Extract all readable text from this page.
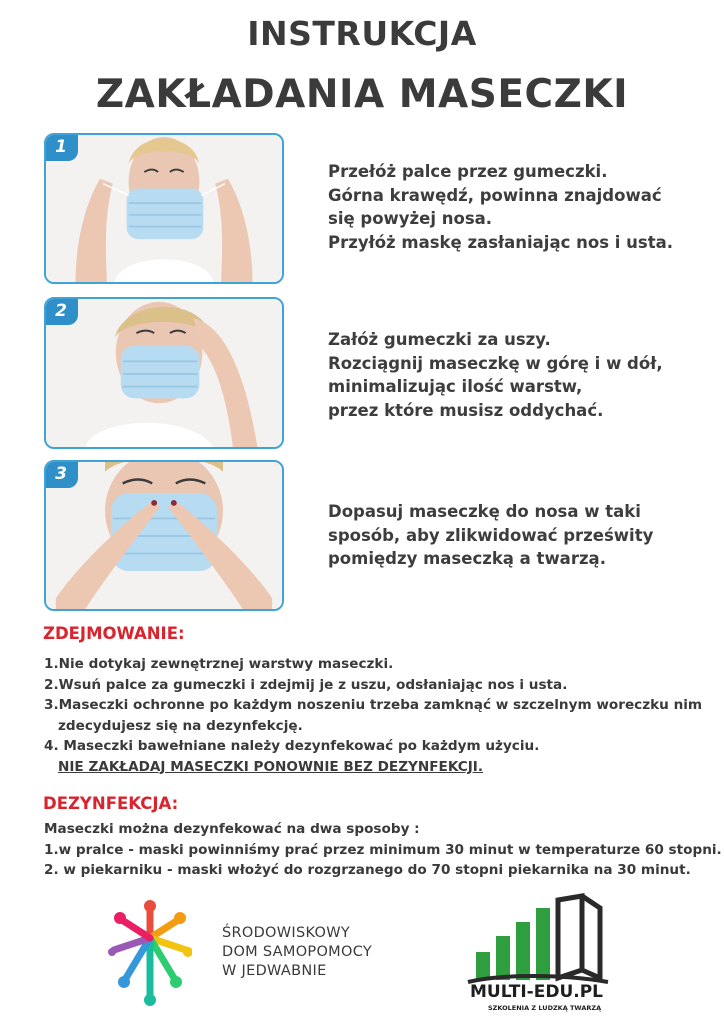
INSTRUKCJA
ZAKŁADANIA MASECZKI
1
Przełóż palce przez gumeczki.
Górna krawędź, powinna znajdować
się powyżej nosa.
Przyłóż maskę zasłaniając nos i usta.
2
Załóż gumeczki za uszy.
Rozciągnij maseczkę w górę i w dół,
minimalizując ilość warstw,
przez które musisz oddychać.
3
Dopasuj maseczkę do nosa w taki
sposób, aby zlikwidować prześwity
pomiędzy maseczką a twarzą.
ZDEJMOWANIE:
1.Nie dotykaj zewnętrznej warstwy maseczki.
2.Wsuń palce za gumeczki i zdejmij je z uszu, odsłaniając nos i usta.
3.Maseczki ochronne po każdym noszeniu trzeba zamknąć w szczelnym woreczku nim
zdecydujesz się na dezynfekcję.
4. Maseczki bawełniane należy dezynfekować po każdym użyciu.
NIE ZAKŁADAJ MASECZKI PONOWNIE BEZ DEZYNFEKCJI.
DEZYNFEKCJA:
Maseczki można dezynfekować na dwa sposoby :
1.w pralce - maski powinniśmy prać przez minimum 30 minut w temperaturze 60 stopni.
2. w piekarniku - maski włożyć do rozgrzanego do 70 stopni piekarnika na 30 minut.
ŚRODOWISKOWY
DOM SAMOPOMOCY
W JEDWABNIE
MULTI-EDU.PL
SZKOLENIA Z LUDZKĄ TWARZĄ
